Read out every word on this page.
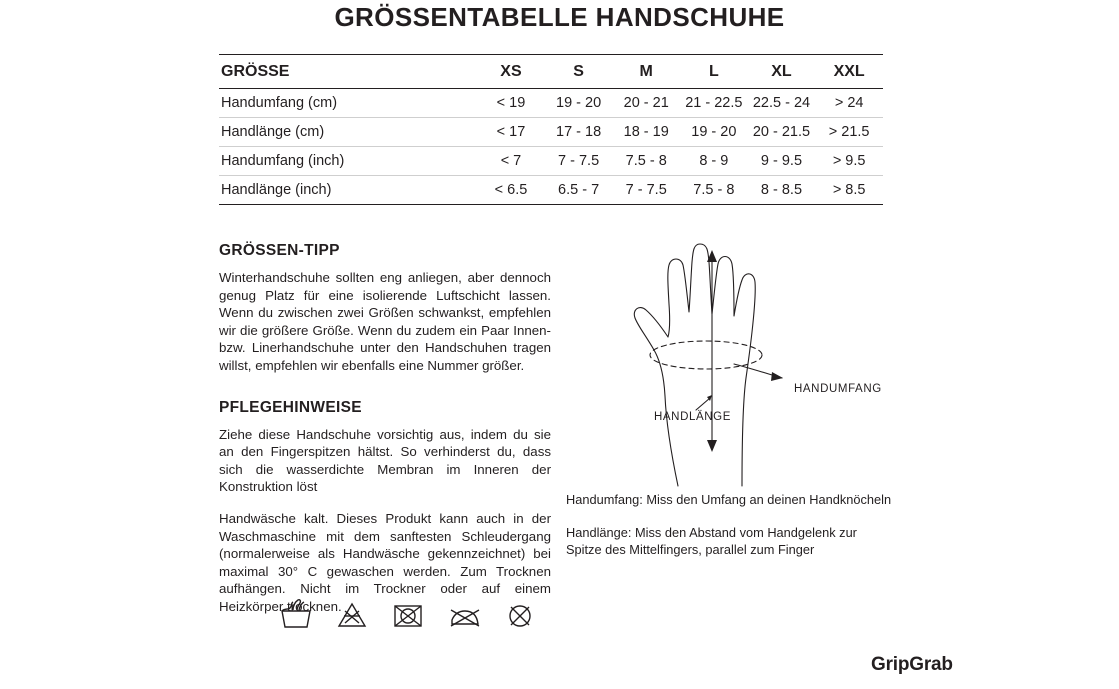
GRÖSSENTABELLE HANDSCHUHE
GRÖSSE	XS	S	M	L	XL	XXL
Handumfang (cm)	< 19	19 - 20	20 - 21	21 - 22.5	22.5 - 24	> 24
Handlänge (cm)	< 17	17 - 18	18 - 19	19 - 20	20 - 21.5	> 21.5
Handumfang (inch)	< 7	7 - 7.5	7.5 - 8	8 - 9	9 - 9.5	> 9.5
Handlänge (inch)	< 6.5	6.5 - 7	7 - 7.5	7.5 - 8	8 - 8.5	> 8.5
GRÖSSEN-TIPP

Winterhandschuhe sollten eng anliegen, aber dennoch genug Platz für eine isolierende Luftschicht lassen. Wenn du zwischen zwei Größen schwankst, empfehlen wir die größere Größe. Wenn du zudem ein Paar Innen- bzw. Linerhandschuhe unter den Handschuhen tragen willst, empfehlen wir ebenfalls eine Nummer größer.

PFLEGEHINWEISE

Ziehe diese Handschuhe vorsichtig aus, indem du sie an den Fingerspitzen hältst. So verhinderst du, dass sich die wasserdichte Membran im Inneren der Konstruktion löst

Handwäsche kalt. Dieses Produkt kann auch in der Waschmaschine mit dem sanftesten Schleudergang (normalerweise als Handwäsche gekennzeichnet) bei maximal 30° C gewaschen werden. Zum Trocknen aufhängen. Nicht im Trockner oder auf einem Heizkörper trocknen.

HANDUMFANG
HANDLÄNGE

Handumfang: Miss den Umfang an deinen Handknöcheln

Handlänge: Miss den Abstand vom Handgelenk zur Spitze des Mittelfingers, parallel zum Finger

GripGrab
